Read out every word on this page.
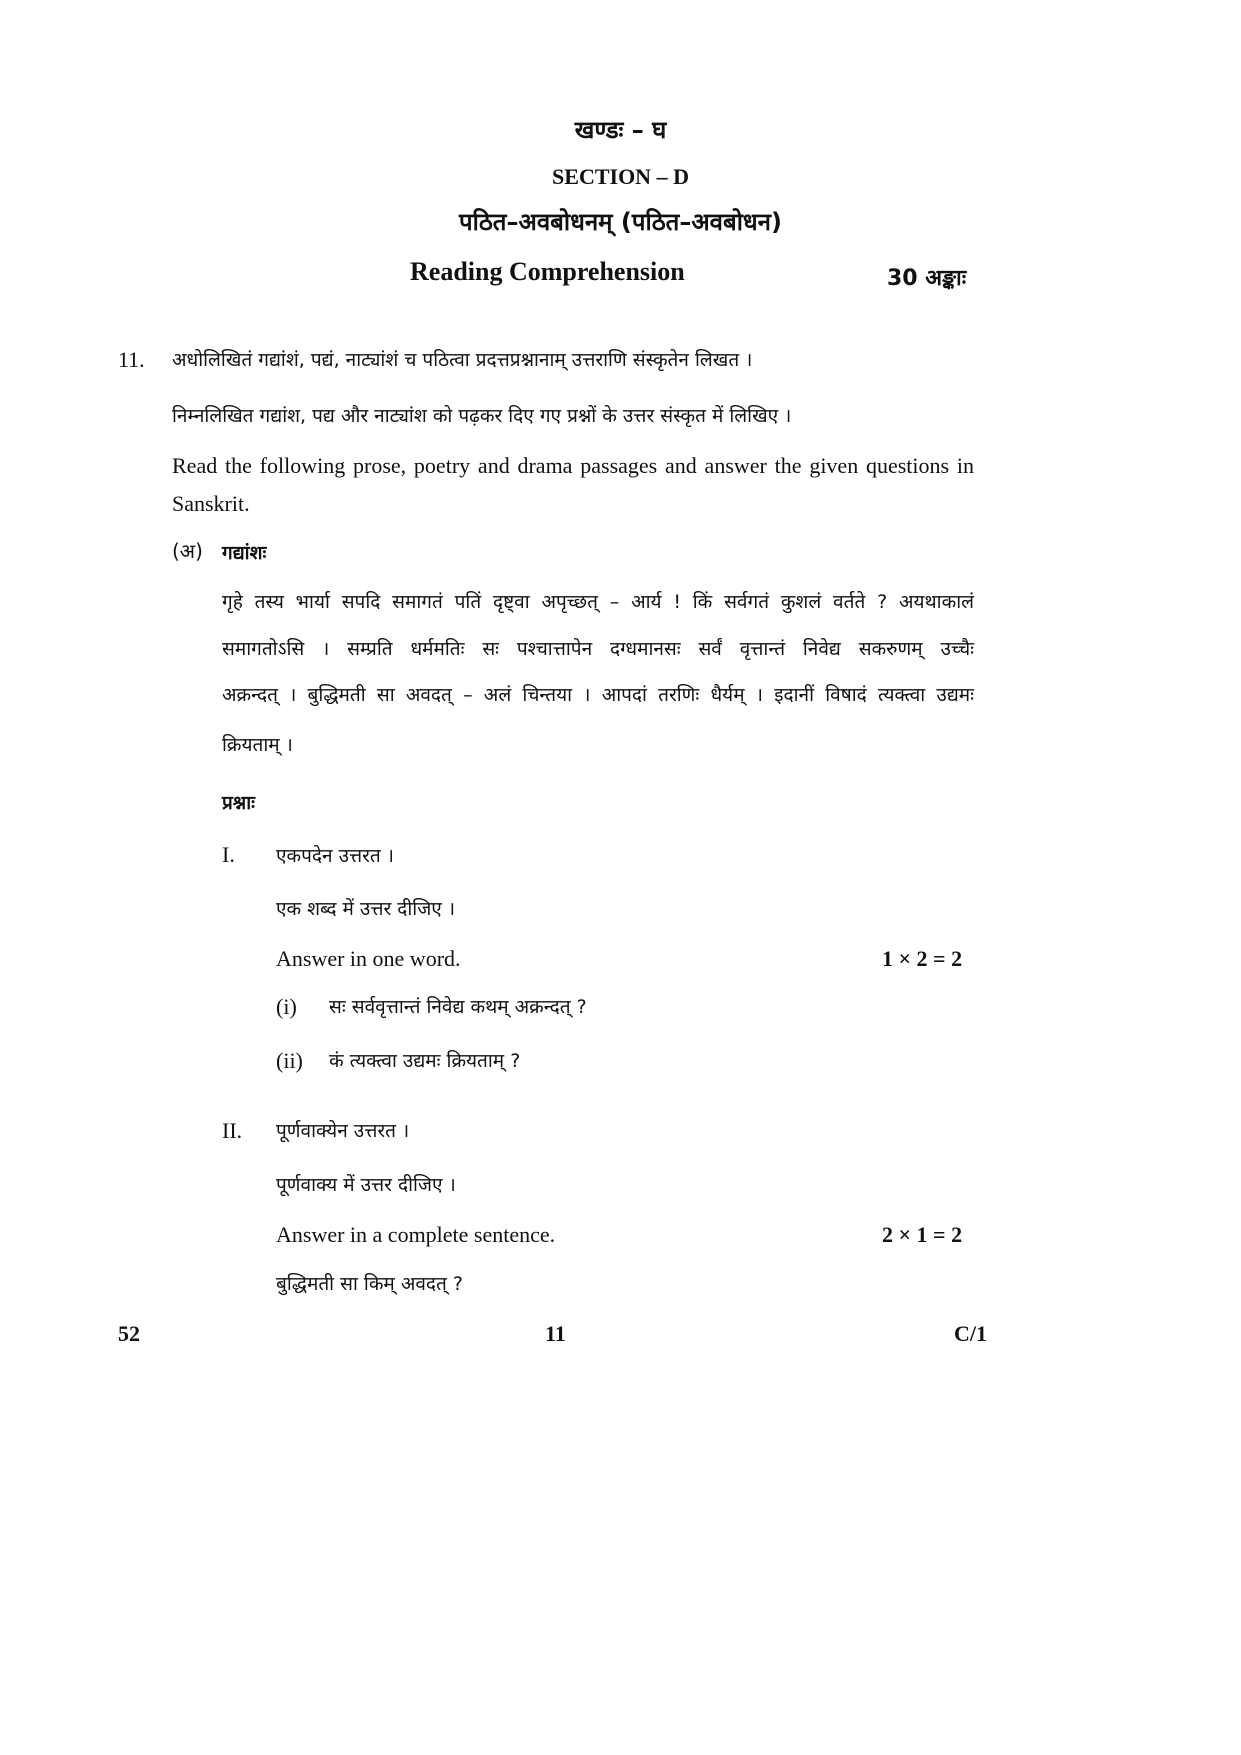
खण्डः – घ
SECTION – D
पठित–अवबोधनम् (पठित–अवबोधन)
Reading Comprehension	30 अङ्काः
11. अधोलिखितं गद्यांशं, पद्यं, नाट्यांशं च पठित्वा प्रदत्तप्रश्नानाम् उत्तराणि संस्कृतेन लिखत ।
निम्नलिखित गद्यांश, पद्य और नाट्यांश को पढ़कर दिए गए प्रश्नों के उत्तर संस्कृत में लिखिए ।
Read the following prose, poetry and drama passages and answer the given questions in
Sanskrit.
(अ) गद्यांशः
गृहे तस्य भार्या सपदि समागतं पतिं दृष्ट्वा अपृच्छत् – आर्य ! किं सर्वगतं कुशलं वर्तते ? अयथाकालं
समागतोऽसि । सम्प्रति धर्ममतिः सः पश्चात्तापेन दग्धमानसः सर्वं वृत्तान्तं निवेद्य सकरुणम् उच्चैः
अक्रन्दत् । बुद्धिमती सा अवदत् – अलं चिन्तया । आपदां तरणिः धैर्यम् । इदानीं विषादं त्यक्त्वा उद्यमः
क्रियताम् ।
प्रश्नाः
I. एकपदेन उत्तरत ।
एक शब्द में उत्तर दीजिए ।
Answer in one word.	1 × 2 = 2
(i) सः सर्ववृत्तान्तं निवेद्य कथम् अक्रन्दत् ?
(ii) कं त्यक्त्वा उद्यमः क्रियताम् ?
II. पूर्णवाक्येन उत्तरत ।
पूर्णवाक्य में उत्तर दीजिए ।
Answer in a complete sentence.	2 × 1 = 2
बुद्धिमती सा किम् अवदत् ?
52	11	C/1
